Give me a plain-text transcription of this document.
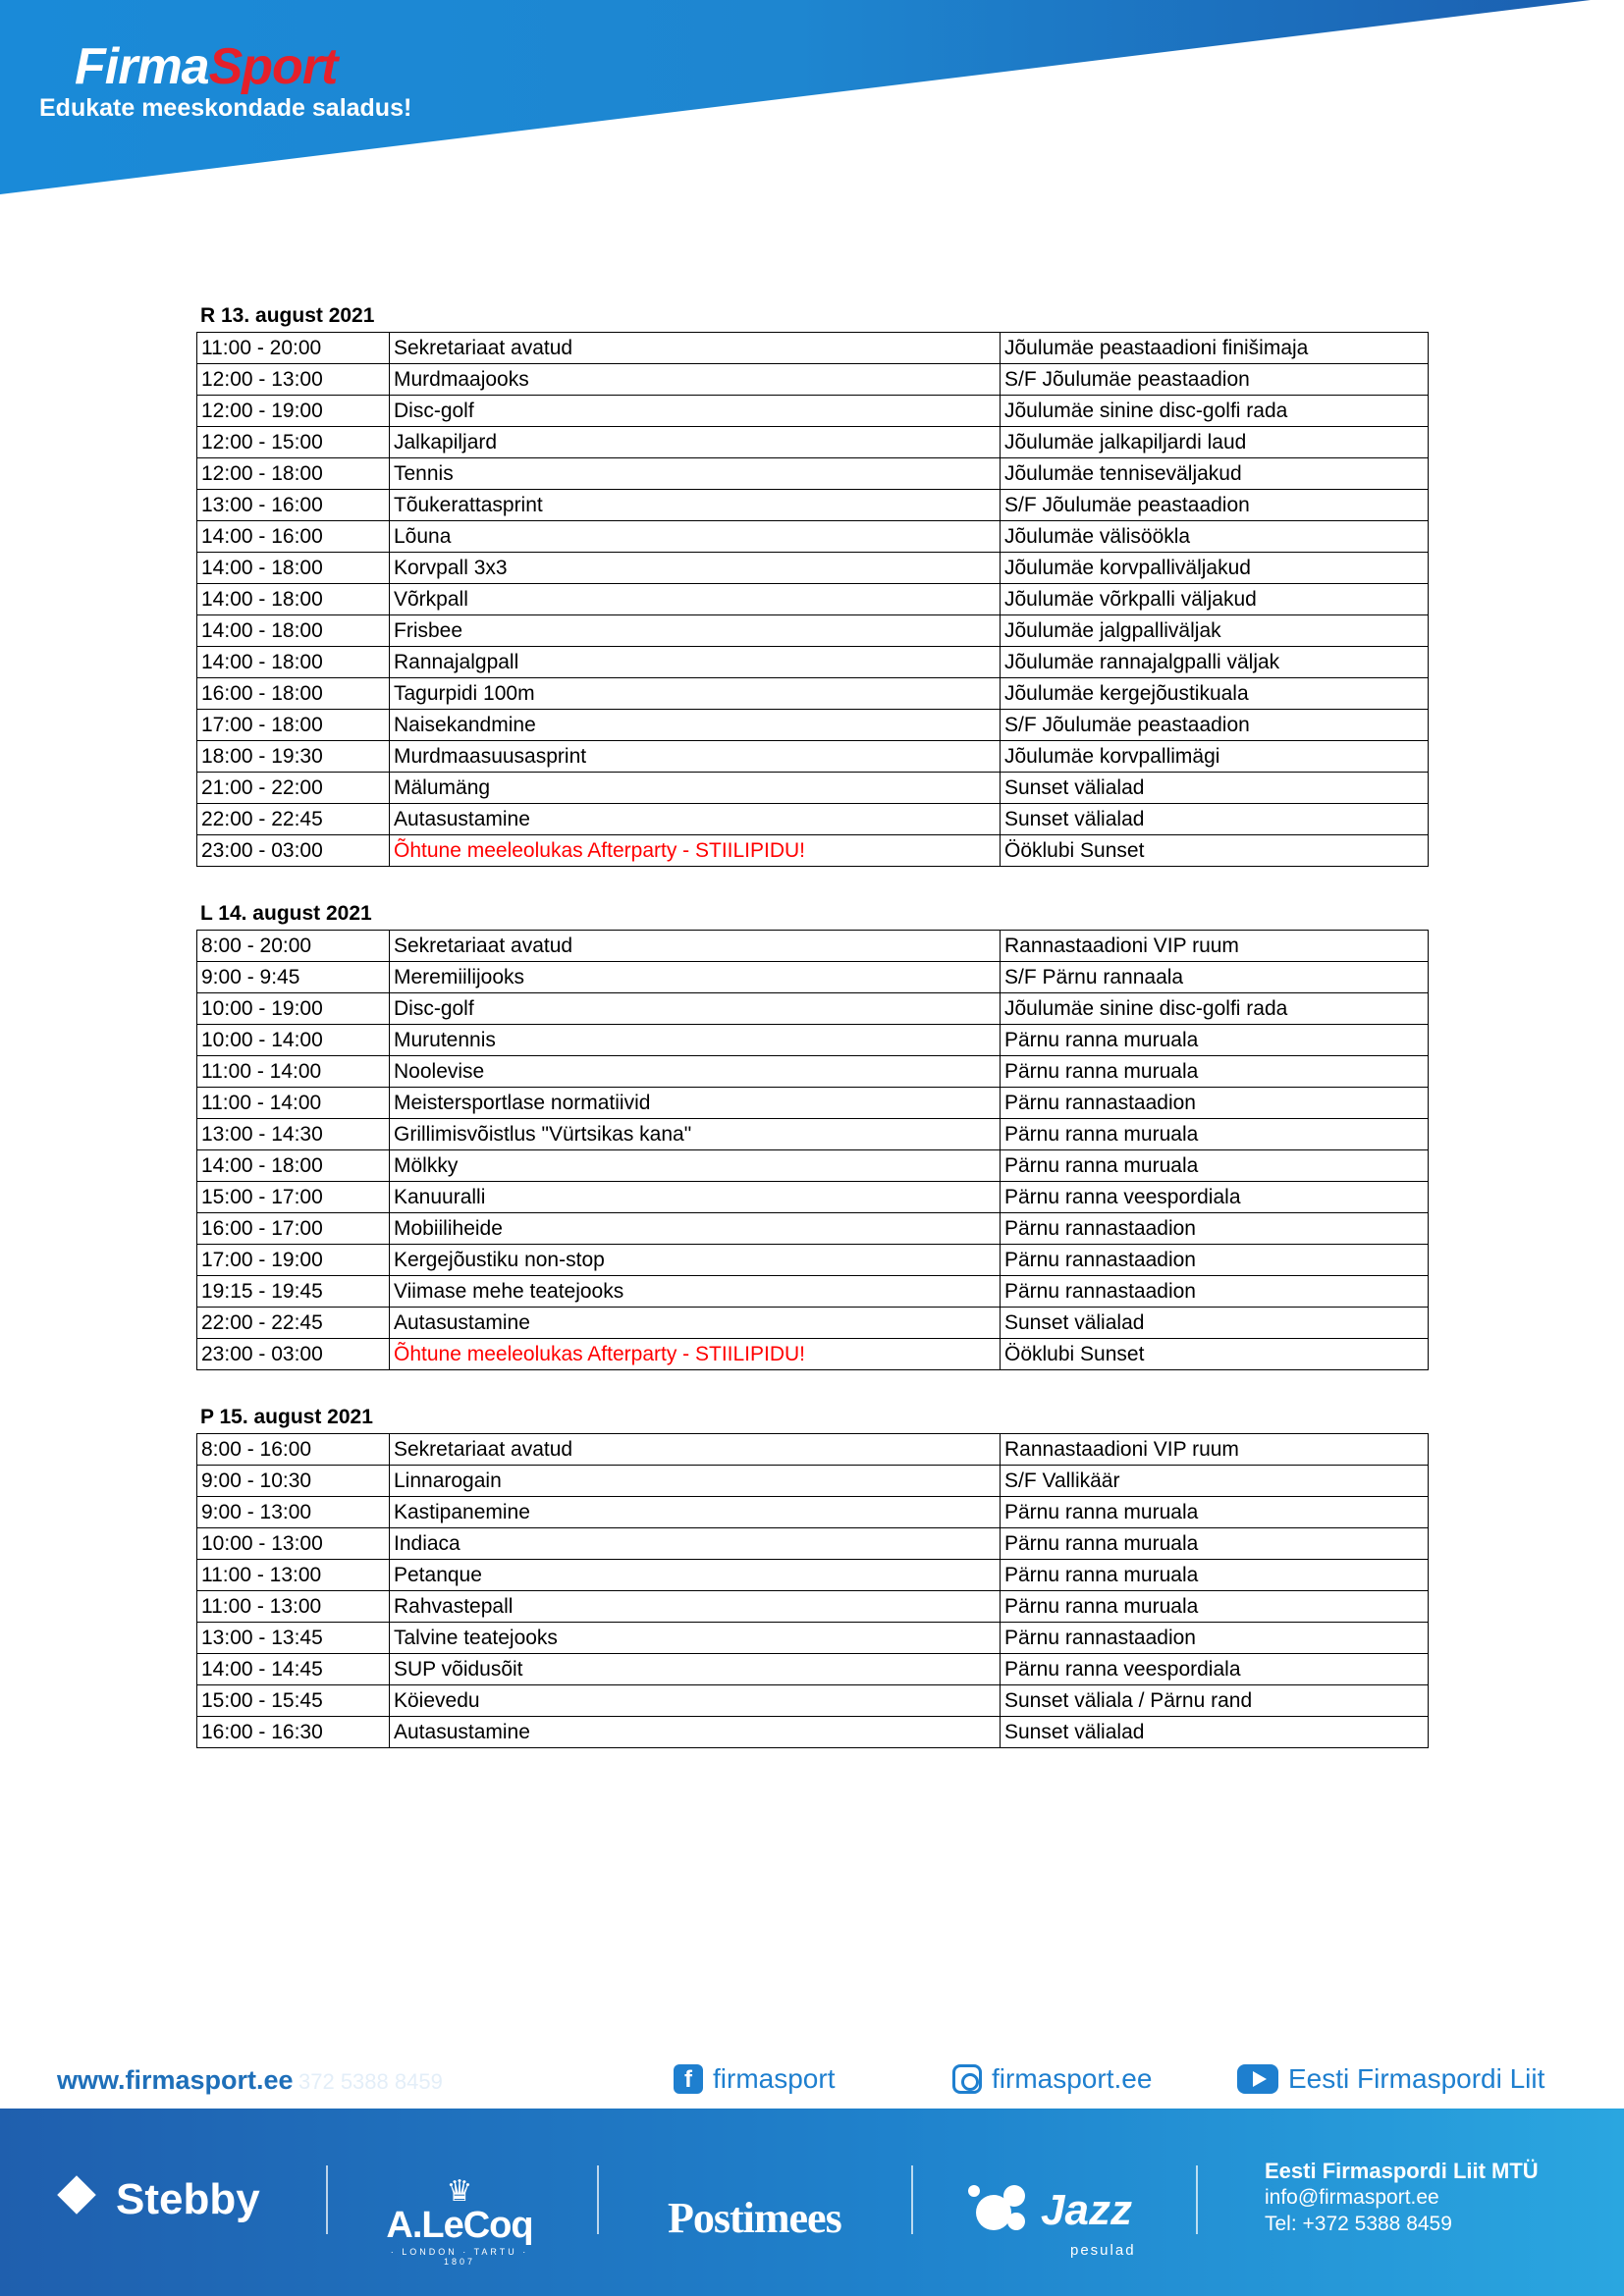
FirmaSport
Edukate meeskondade saladus!
R 13. august 2021
11:00 - 20:00	Sekretariaat avatud	Jõulumäe peastaadioni finišimaja
12:00 - 13:00	Murdmaajooks	S/F Jõulumäe peastaadion
12:00 - 19:00	Disc-golf	Jõulumäe sinine disc-golfi rada
12:00 - 15:00	Jalkapiljard	Jõulumäe jalkapiljardi laud
12:00 - 18:00	Tennis	Jõulumäe tenniseväljakud
13:00 - 16:00	Tõukerattasprint	S/F Jõulumäe peastaadion
14:00 - 16:00	Lõuna	Jõulumäe välisöökla
14:00 - 18:00	Korvpall 3x3	Jõulumäe korvpalliväljakud
14:00 - 18:00	Võrkpall	Jõulumäe võrkpalli väljakud
14:00 - 18:00	Frisbee	Jõulumäe jalgpalliväljak
14:00 - 18:00	Rannajalgpall	Jõulumäe rannajalgpalli väljak
16:00 - 18:00	Tagurpidi 100m	Jõulumäe kergejõustikuala
17:00 - 18:00	Naisekandmine	S/F Jõulumäe peastaadion
18:00 - 19:30	Murdmaasuusasprint	Jõulumäe korvpallimägi
21:00 - 22:00	Mälumäng	Sunset välialad
22:00 - 22:45	Autasustamine	Sunset välialad
23:00 - 03:00	Õhtune meeleolukas Afterparty - STIILIPIDU!	Ööklubi Sunset
L 14. august 2021
8:00 - 20:00	Sekretariaat avatud	Rannastaadioni VIP ruum
9:00 - 9:45	Meremiilijooks	S/F Pärnu rannaala
10:00 - 19:00	Disc-golf	Jõulumäe sinine disc-golfi rada
10:00 - 14:00	Murutennis	Pärnu ranna muruala
11:00 - 14:00	Noolevise	Pärnu ranna muruala
11:00 - 14:00	Meistersportlase normatiivid	Pärnu rannastaadion
13:00 - 14:30	Grillimisvõistlus "Vürtsikas kana"	Pärnu ranna muruala
14:00 - 18:00	Mölkky	Pärnu ranna muruala
15:00 - 17:00	Kanuuralli	Pärnu ranna veespordiala
16:00 - 17:00	Mobiiliheide	Pärnu rannastaadion
17:00 - 19:00	Kergejõustiku non-stop	Pärnu rannastaadion
19:15 - 19:45	Viimase mehe teatejooks	Pärnu rannastaadion
22:00 - 22:45	Autasustamine	Sunset välialad
23:00 - 03:00	Õhtune meeleolukas Afterparty - STIILIPIDU!	Ööklubi Sunset
P 15. august 2021
8:00 - 16:00	Sekretariaat avatud	Rannastaadioni VIP ruum
9:00 - 10:30	Linnarogain	S/F Vallikäär
9:00 - 13:00	Kastipanemine	Pärnu ranna muruala
10:00 - 13:00	Indiaca	Pärnu ranna muruala
11:00 - 13:00	Petanque	Pärnu ranna muruala
11:00 - 13:00	Rahvastepall	Pärnu ranna muruala
13:00 - 13:45	Talvine teatejooks	Pärnu rannastaadion
14:00 - 14:45	SUP võidusõit	Pärnu ranna veespordiala
15:00 - 15:45	Köievedu	Sunset väliala / Pärnu rand
16:00 - 16:30	Autasustamine	Sunset välialad
www.firmasport.ee 372 5388 8459	f firmasport	firmasport.ee	Eesti Firmaspordi Liit
Stebby	♛
A.LeCoq
· LONDON · TARTU ·
1807
Postimees	Jazz
pesulad
Eesti Firmaspordi Liit MTÜ
info@firmasport.ee
Tel: +372 5388 8459
